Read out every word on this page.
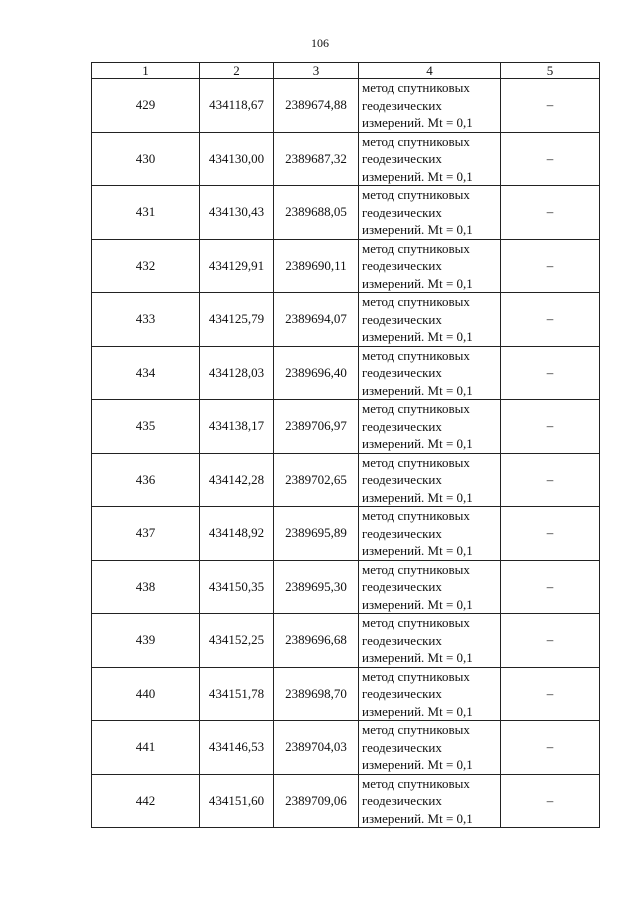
106
1	2	3	4	5
429	434118,67	2389674,88	метод спутниковых
геодезических
измерений. Mt = 0,1	–
430	434130,00	2389687,32	метод спутниковых
геодезических
измерений. Mt = 0,1	–
431	434130,43	2389688,05	метод спутниковых
геодезических
измерений. Mt = 0,1	–
432	434129,91	2389690,11	метод спутниковых
геодезических
измерений. Mt = 0,1	–
433	434125,79	2389694,07	метод спутниковых
геодезических
измерений. Mt = 0,1	–
434	434128,03	2389696,40	метод спутниковых
геодезических
измерений. Mt = 0,1	–
435	434138,17	2389706,97	метод спутниковых
геодезических
измерений. Mt = 0,1	–
436	434142,28	2389702,65	метод спутниковых
геодезических
измерений. Mt = 0,1	–
437	434148,92	2389695,89	метод спутниковых
геодезических
измерений. Mt = 0,1	–
438	434150,35	2389695,30	метод спутниковых
геодезических
измерений. Mt = 0,1	–
439	434152,25	2389696,68	метод спутниковых
геодезических
измерений. Mt = 0,1	–
440	434151,78	2389698,70	метод спутниковых
геодезических
измерений. Mt = 0,1	–
441	434146,53	2389704,03	метод спутниковых
геодезических
измерений. Mt = 0,1	–
442	434151,60	2389709,06	метод спутниковых
геодезических
измерений. Mt = 0,1	–
